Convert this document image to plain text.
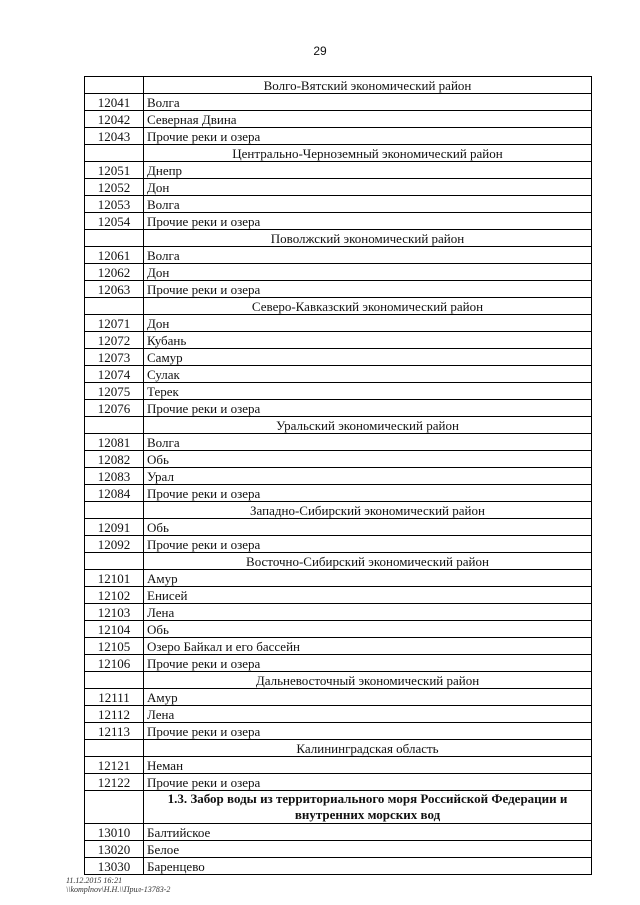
29
	Волго-Вятский экономический район
12041	Волга
12042	Северная Двина
12043	Прочие реки и озера
	Центрально-Черноземный экономический район
12051	Днепр
12052	Дон
12053	Волга
12054	Прочие реки и озера
	Поволжский экономический район
12061	Волга
12062	Дон
12063	Прочие реки и озера
	Северо-Кавказский экономический район
12071	Дон
12072	Кубань
12073	Самур
12074	Сулак
12075	Терек
12076	Прочие реки и озера
	Уральский экономический район
12081	Волга
12082	Обь
12083	Урал
12084	Прочие реки и озера
	Западно-Сибирский экономический район
12091	Обь
12092	Прочие реки и озера
	Восточно-Сибирский экономический район
12101	Амур
12102	Енисей
12103	Лена
12104	Обь
12105	Озеро Байкал и его бассейн
12106	Прочие реки и озера
	Дальневосточный экономический район
12111	Амур
12112	Лена
12113	Прочие реки и озера
	Калининградская область
12121	Неман
12122	Прочие реки и озера
	1.3. Забор воды из территориального моря Российской Федерации и внутренних морских вод
13010	Балтийское
13020	Белое
13030	Баренцево
11.12.2015 16:21
\\komplnov\Н.Н.\\Прил-13783-2
